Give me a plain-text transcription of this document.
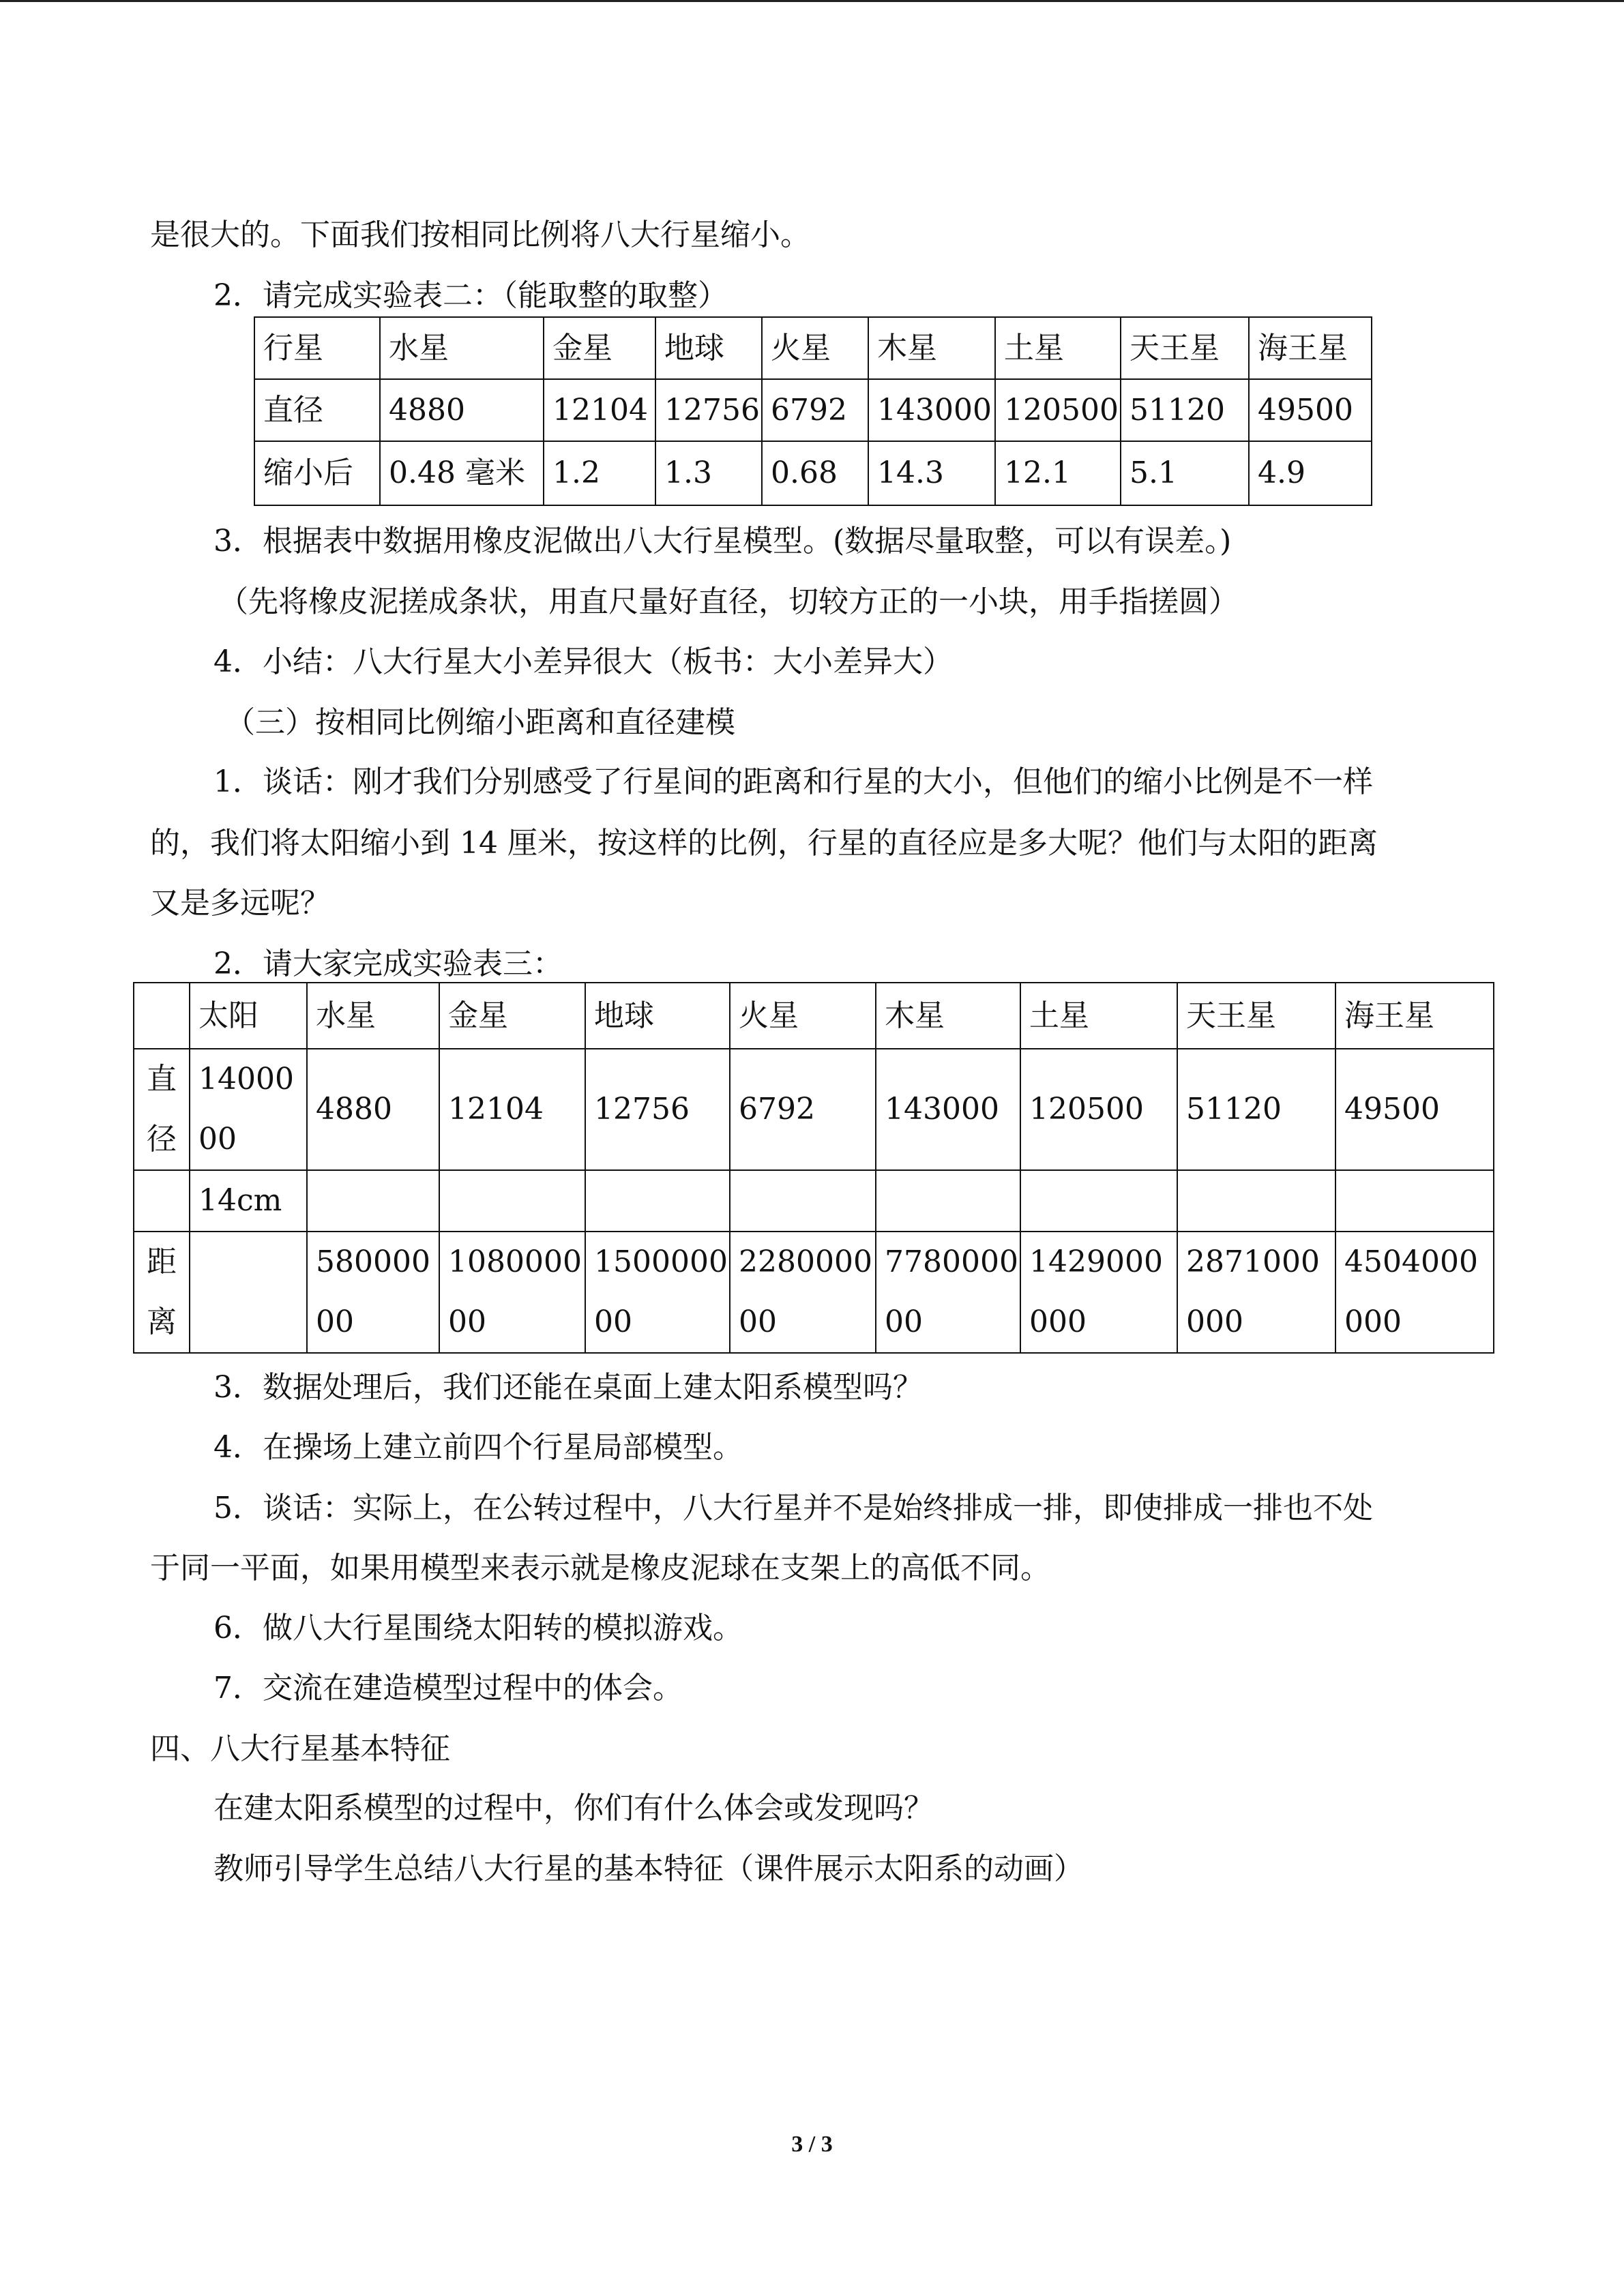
是很大的。下面我们按相同比例将八大行星缩小。
2．请完成实验表二：（能取整的取整）
行星	水星	金星	地球	火星	木星	土星	天王星	海王星
直径	4880	12104	12756	6792	143000	120500	51120	49500
缩小后	0.48 毫米	1.2	1.3	0.68	14.3	12.1	5.1	4.9
3．根据表中数据用橡皮泥做出八大行星模型。(数据尽量取整，可以有误差。)
（先将橡皮泥搓成条状，用直尺量好直径，切较方正的一小块，用手指搓圆）
4．小结：八大行星大小差异很大（板书：大小差异大）
（三）按相同比例缩小距离和直径建模
1．谈话：刚才我们分别感受了行星间的距离和行星的大小，但他们的缩小比例是不一样
的，我们将太阳缩小到 14 厘米，按这样的比例，行星的直径应是多大呢？他们与太阳的距离
又是多远呢？
2．请大家完成实验表三：
	太阳	水星	金星	地球	火星	木星	土星	天王星	海王星
直径	1400000	4880	12104	12756	6792	143000	120500	51120	49500
	14cm								
距离		58000000	108000000	150000000	228000000	778000000	1429000000	2871000000	4504000000
3．数据处理后，我们还能在桌面上建太阳系模型吗？
4．在操场上建立前四个行星局部模型。
5．谈话：实际上，在公转过程中，八大行星并不是始终排成一排，即使排成一排也不处
于同一平面，如果用模型来表示就是橡皮泥球在支架上的高低不同。
6．做八大行星围绕太阳转的模拟游戏。
7．交流在建造模型过程中的体会。
四、八大行星基本特征
在建太阳系模型的过程中，你们有什么体会或发现吗？
教师引导学生总结八大行星的基本特征（课件展示太阳系的动画）
3 / 3
